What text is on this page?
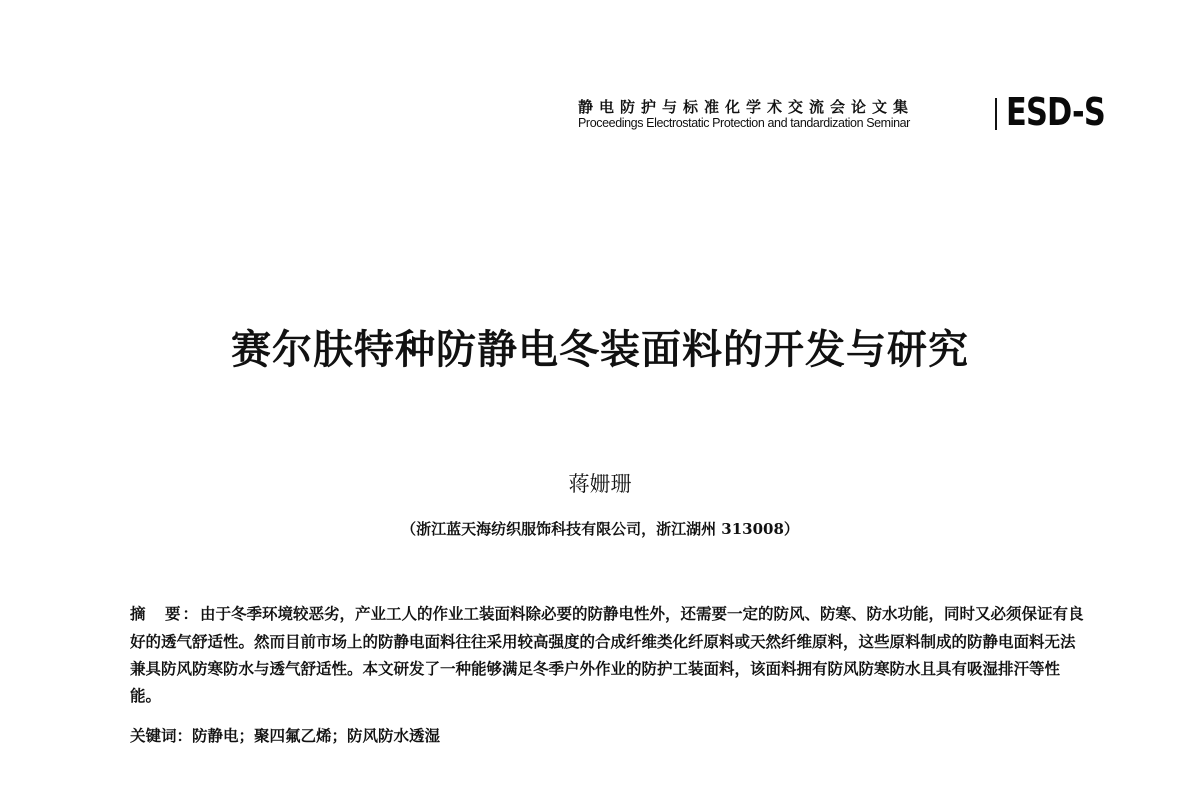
静电防护与标准化学术交流会论文集
Proceedings Electrostatic Protection and tandardization Seminar	ESD-S
赛尔肤特种防静电冬装面料的开发与研究
蒋姗珊
（浙江蓝天海纺织服饰科技有限公司，浙江湖州 313008）
摘　要：由于冬季环境较恶劣，产业工人的作业工装面料除必要的防静电性外，还需要一定的防风、防寒、防水功能，同时又必须保证有良好的透气舒适性。然而目前市场上的防静电面料往往采用较高强度的合成纤维类化纤原料或天然纤维原料，这些原料制成的防静电面料无法兼具防风防寒防水与透气舒适性。本文研发了一种能够满足冬季户外作业的防护工装面料，该面料拥有防风防寒防水且具有吸湿排汗等性能。
关键词：防静电；聚四氟乙烯；防风防水透湿
